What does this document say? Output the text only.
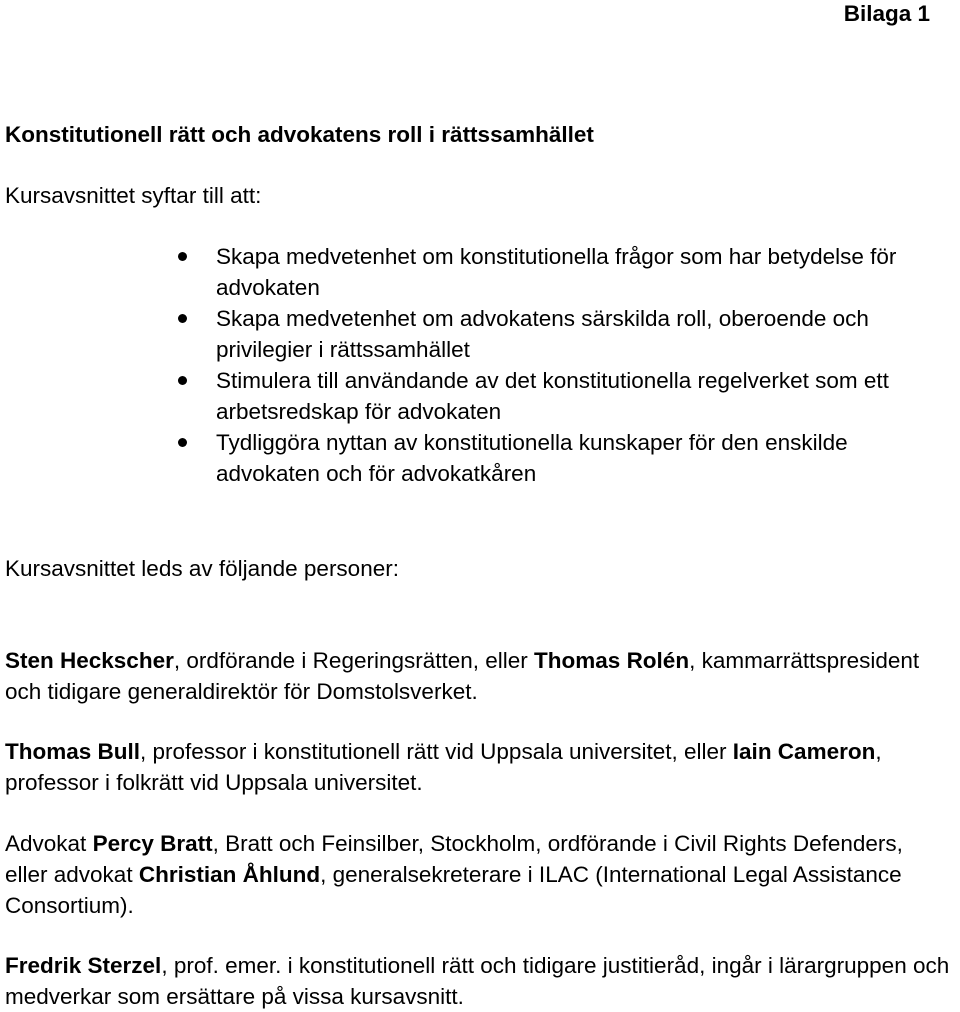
Bilaga 1
Konstitutionell rätt och advokatens roll i rättssamhället
Kursavsnittet syftar till att:
Skapa medvetenhet om konstitutionella frågor som har betydelse för advokaten
Skapa medvetenhet om advokatens särskilda roll, oberoende och privilegier i rättssamhället
Stimulera till användande av det konstitutionella regelverket som ett arbetsredskap för advokaten
Tydliggöra nyttan av konstitutionella kunskaper för den enskilde advokaten och för advokatkåren
Kursavsnittet leds av följande personer:
Sten Heckscher, ordförande i Regeringsrätten, eller Thomas Rolén, kammarrättspresident och tidigare generaldirektör för Domstolsverket.
Thomas Bull, professor i konstitutionell rätt vid Uppsala universitet, eller Iain Cameron, professor i folkrätt vid Uppsala universitet.
Advokat Percy Bratt, Bratt och Feinsilber, Stockholm, ordförande i Civil Rights Defenders, eller advokat Christian Åhlund, generalsekreterare i ILAC (International Legal Assistance Consortium).
Fredrik Sterzel, prof. emer. i konstitutionell rätt och tidigare justitieråd, ingår i lärargruppen och medverkar som ersättare på vissa kursavsnitt.
